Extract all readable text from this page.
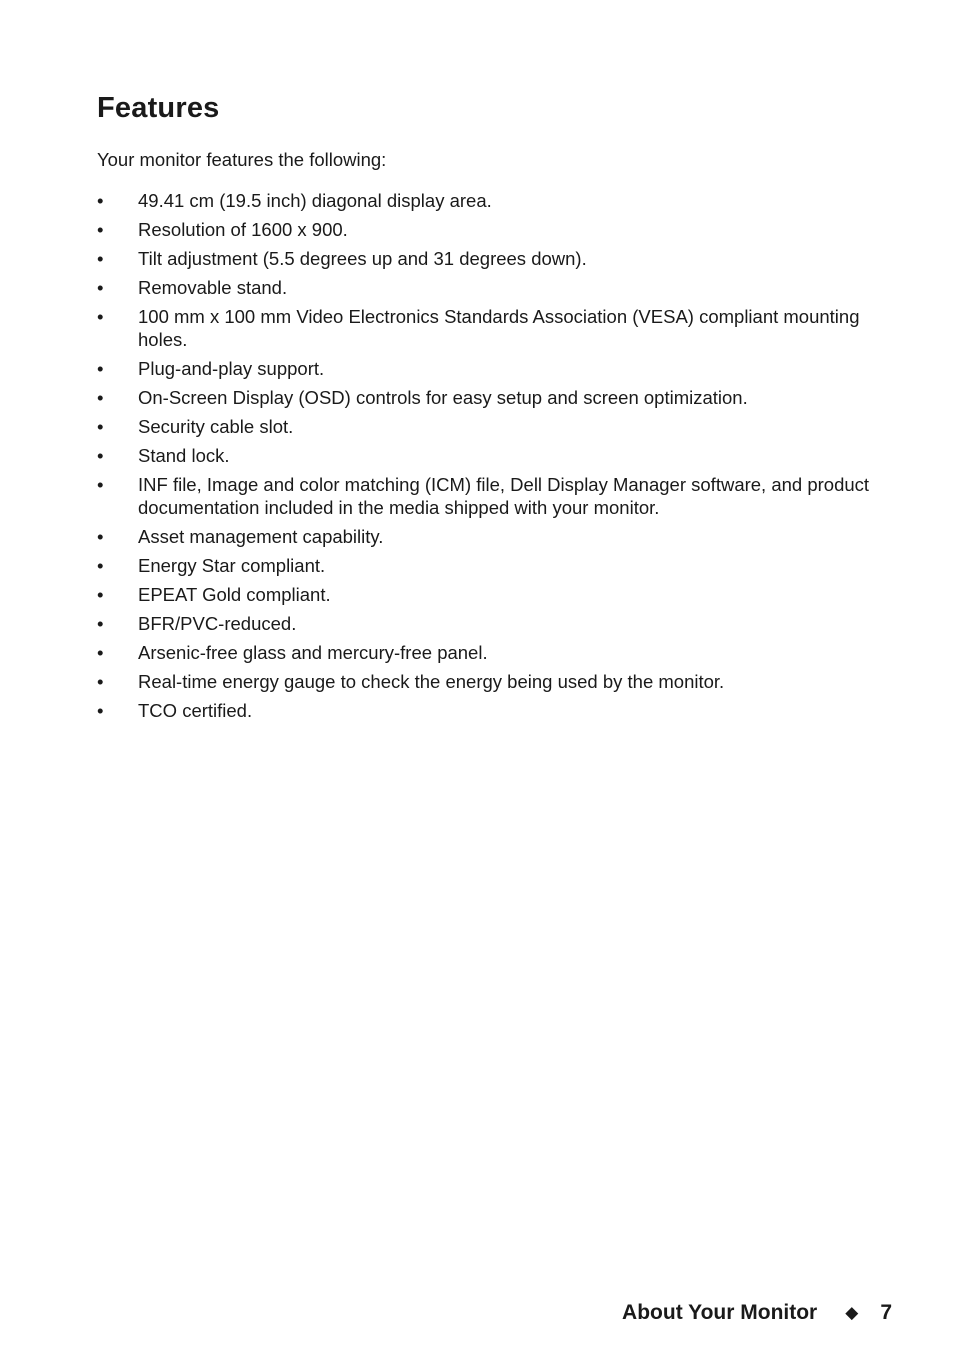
Features

Your monitor features the following:

• 49.41 cm (19.5 inch) diagonal display area.
• Resolution of 1600 x 900.
• Tilt adjustment (5.5 degrees up and 31 degrees down).
• Removable stand.
• 100 mm x 100 mm Video Electronics Standards Association (VESA) compliant mounting holes.
• Plug-and-play support.
• On-Screen Display (OSD) controls for easy setup and screen optimization.
• Security cable slot.
• Stand lock.
• INF file, Image and color matching (ICM) file, Dell Display Manager software, and product documentation included in the media shipped with your monitor.
• Asset management capability.
• Energy Star compliant.
• EPEAT Gold compliant.
• BFR/PVC-reduced.
• Arsenic-free glass and mercury-free panel.
• Real-time energy gauge to check the energy being used by the monitor.
• TCO certified.
About Your Monitor ◆ 7
